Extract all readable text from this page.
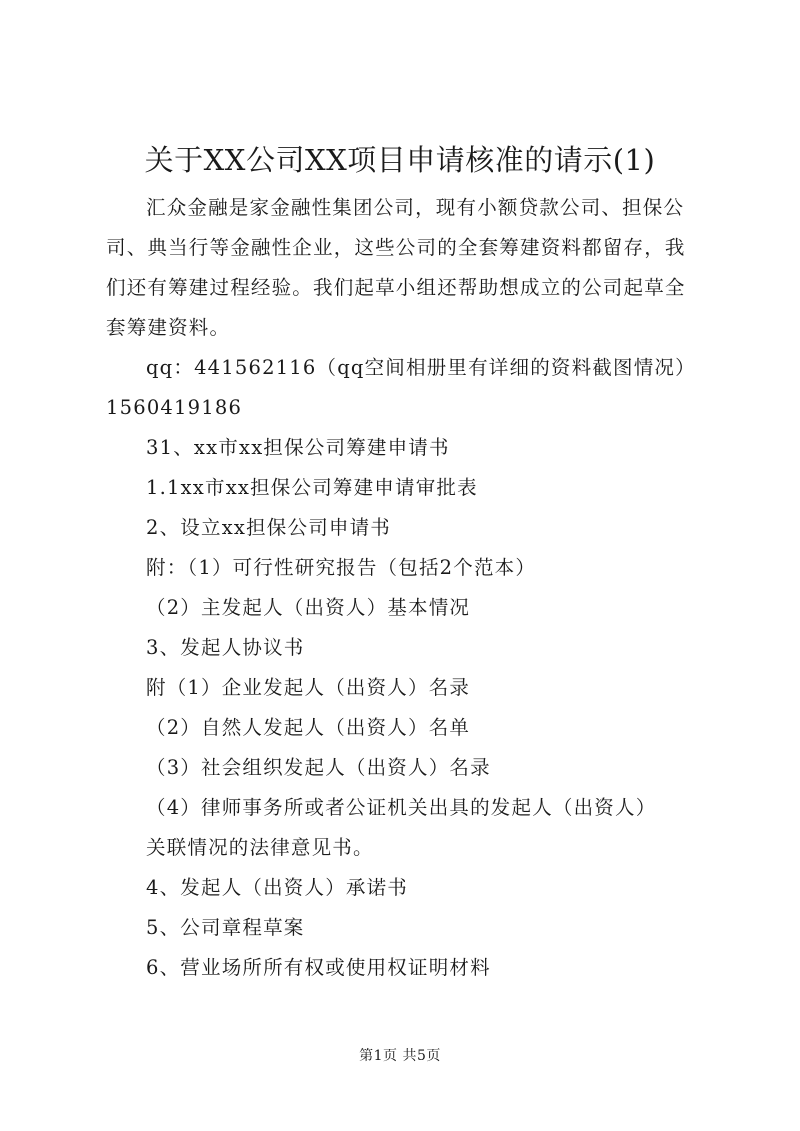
关于XX公司XX项目申请核准的请示(1)

汇众金融是家金融性集团公司，现有小额贷款公司、担保公司、典当行等金融性企业，这些公司的全套筹建资料都留存，我们还有筹建过程经验。我们起草小组还帮助想成立的公司起草全套筹建资料。

qq：441562116（qq空间相册里有详细的资料截图情况）

1560419186

31、xx市xx担保公司筹建申请书

1.1xx市xx担保公司筹建申请审批表

2、设立xx担保公司申请书

附：（1）可行性研究报告（包括2个范本）

（2）主发起人（出资人）基本情况

3、发起人协议书

附（1）企业发起人（出资人）名录

（2）自然人发起人（出资人）名单

（3）社会组织发起人（出资人）名录

（4）律师事务所或者公证机关出具的发起人（出资人）

关联情况的法律意见书。

4、发起人（出资人）承诺书

5、公司章程草案

6、营业场所所有权或使用权证明材料

第1页 共5页
